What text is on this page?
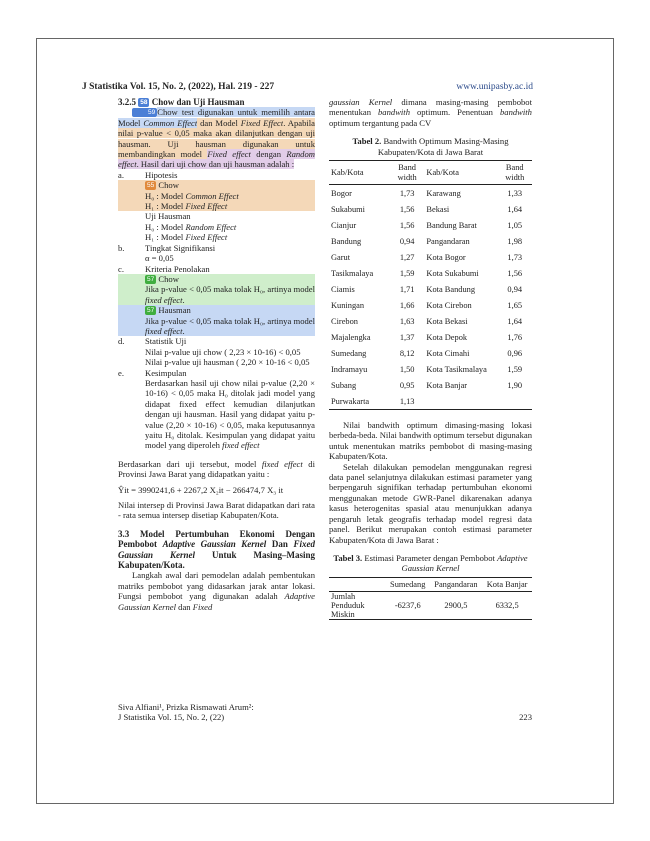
J Statistika Vol. 15, No. 2, (2022), Hal. 219 - 227	www.unipasby.ac.id

3.2.5 58 Chow dan Uji Hausman

59 Chow test digunakan untuk memilih antara Model Common Effect dan Model Fixed Effect. Apabila nilai p-value < 0,05 maka akan dilanjutkan dengan uji hausman. Uji hausman digunakan untuk membandingkan model Fixed effect dengan Random effect. Hasil dari uji chow dan uji hausman adalah :

a. Hipotesis
55 Chow
H₀ : Model Common Effect
H₁ : Model Fixed Effect
Uji Hausman
H₀ : Model Random Effect
H₁ : Model Fixed Effect
b. Tingkat Signifikansi
α = 0,05
c. Kriteria Penolakan
57 Chow
Jika p-value < 0,05 maka tolak H₀, artinya model fixed effect.
57 Hausman
Jika p-value < 0,05 maka tolak H₀, artinya model fixed effect.
d. Statistik Uji
Nilai p-value uji chow ( 2,23 × 10-16) < 0,05
Nilai p-value uji hausman ( 2,20 × 10-16 < 0,05
e. Kesimpulan
Berdasarkan hasil uji chow nilai p-value (2,20 × 10-16) < 0,05 maka H₀ ditolak jadi model yang didapat fixed effect kemudian dilanjutkan dengan uji hausman. Hasil yang didapat yaitu p-value (2,20 × 10-16) < 0,05, maka keputusannya yaitu H₀ ditolak. Kesimpulan yang didapat yaitu model yang diperoleh fixed effect

Berdasarkan dari uji tersebut, model fixed effect di Provinsi Jawa Barat yang didapatkan yaitu :

Ŷit = 3990241,6 + 2267,2 X₂it − 266474,7 X₃ it

Nilai intersep di Provinsi Jawa Barat didapatkan dari rata - rata semua intersep disetiap Kabupaten/Kota.

3.3 Model Pertumbuhan Ekonomi Dengan Pembobot Adaptive Gaussian Kernel Dan Fixed Gaussian Kernel Untuk Masing–Masing Kabupaten/Kota.

Langkah awal dari pemodelan adalah pembentukan matriks pembobot yang didasarkan jarak antar lokasi. Fungsi pembobot yang digunakan adalah Adaptive Gaussian Kernel dan Fixed

gaussian Kernel dimana masing-masing pembobot menentukan bandwith optimum. Penentuan bandwith optimum tergantung pada CV

Tabel 2. Bandwith Optimum Masing-Masing Kabupaten/Kota di Jawa Barat

Kab/Kota	Band width	Kab/Kota	Band width
Bogor	1,73	Karawang	1,33
Sukabumi	1,56	Bekasi	1,64
Cianjur	1,56	Bandung Barat	1,05
Bandung	0,94	Pangandaran	1,98
Garut	1,27	Kota Bogor	1,73
Tasikmalaya	1,59	Kota Sukabumi	1,56
Ciamis	1,71	Kota Bandung	0,94
Kuningan	1,66	Kota Cirebon	1,65
Cirebon	1,63	Kota Bekasi	1,64
Majalengka	1,37	Kota Depok	1,76
Sumedang	8,12	Kota Cimahi	0,96
Indramayu	1,50	Kota Tasikmalaya	1,59
Subang	0,95	Kota Banjar	1,90
Purwakarta	1,13		

Nilai bandwith optimum dimasing-masing lokasi berbeda-beda. Nilai bandwith optimum tersebut digunakan untuk menentukan matriks pembobot di masing-masing Kabupaten/Kota.

Setelah dilakukan pemodelan menggunakan regresi data panel selanjutnya dilakukan estimasi parameter yang berpengaruh signifikan terhadap pertumbuhan ekonomi menggunakan metode GWR-Panel dikarenakan adanya kasus heterogenitas spasial atau menunjukkan adanya pengaruh letak geografis terhadap model regresi data panel. Berikut merupakan contoh estimasi parameter Kabupaten/Kota di Jawa Barat :

Tabel 3. Estimasi Parameter dengan Pembobot Adaptive Gaussian Kernel

	Sumedang	Pangandaran	Kota Banjar
Jumlah Penduduk Miskin	-6237,6	2900,5	6332,5
Siva Alfiani¹, Prizka Rismawati Arum²:
J Statistika Vol. 15, No. 2, (22)	223
